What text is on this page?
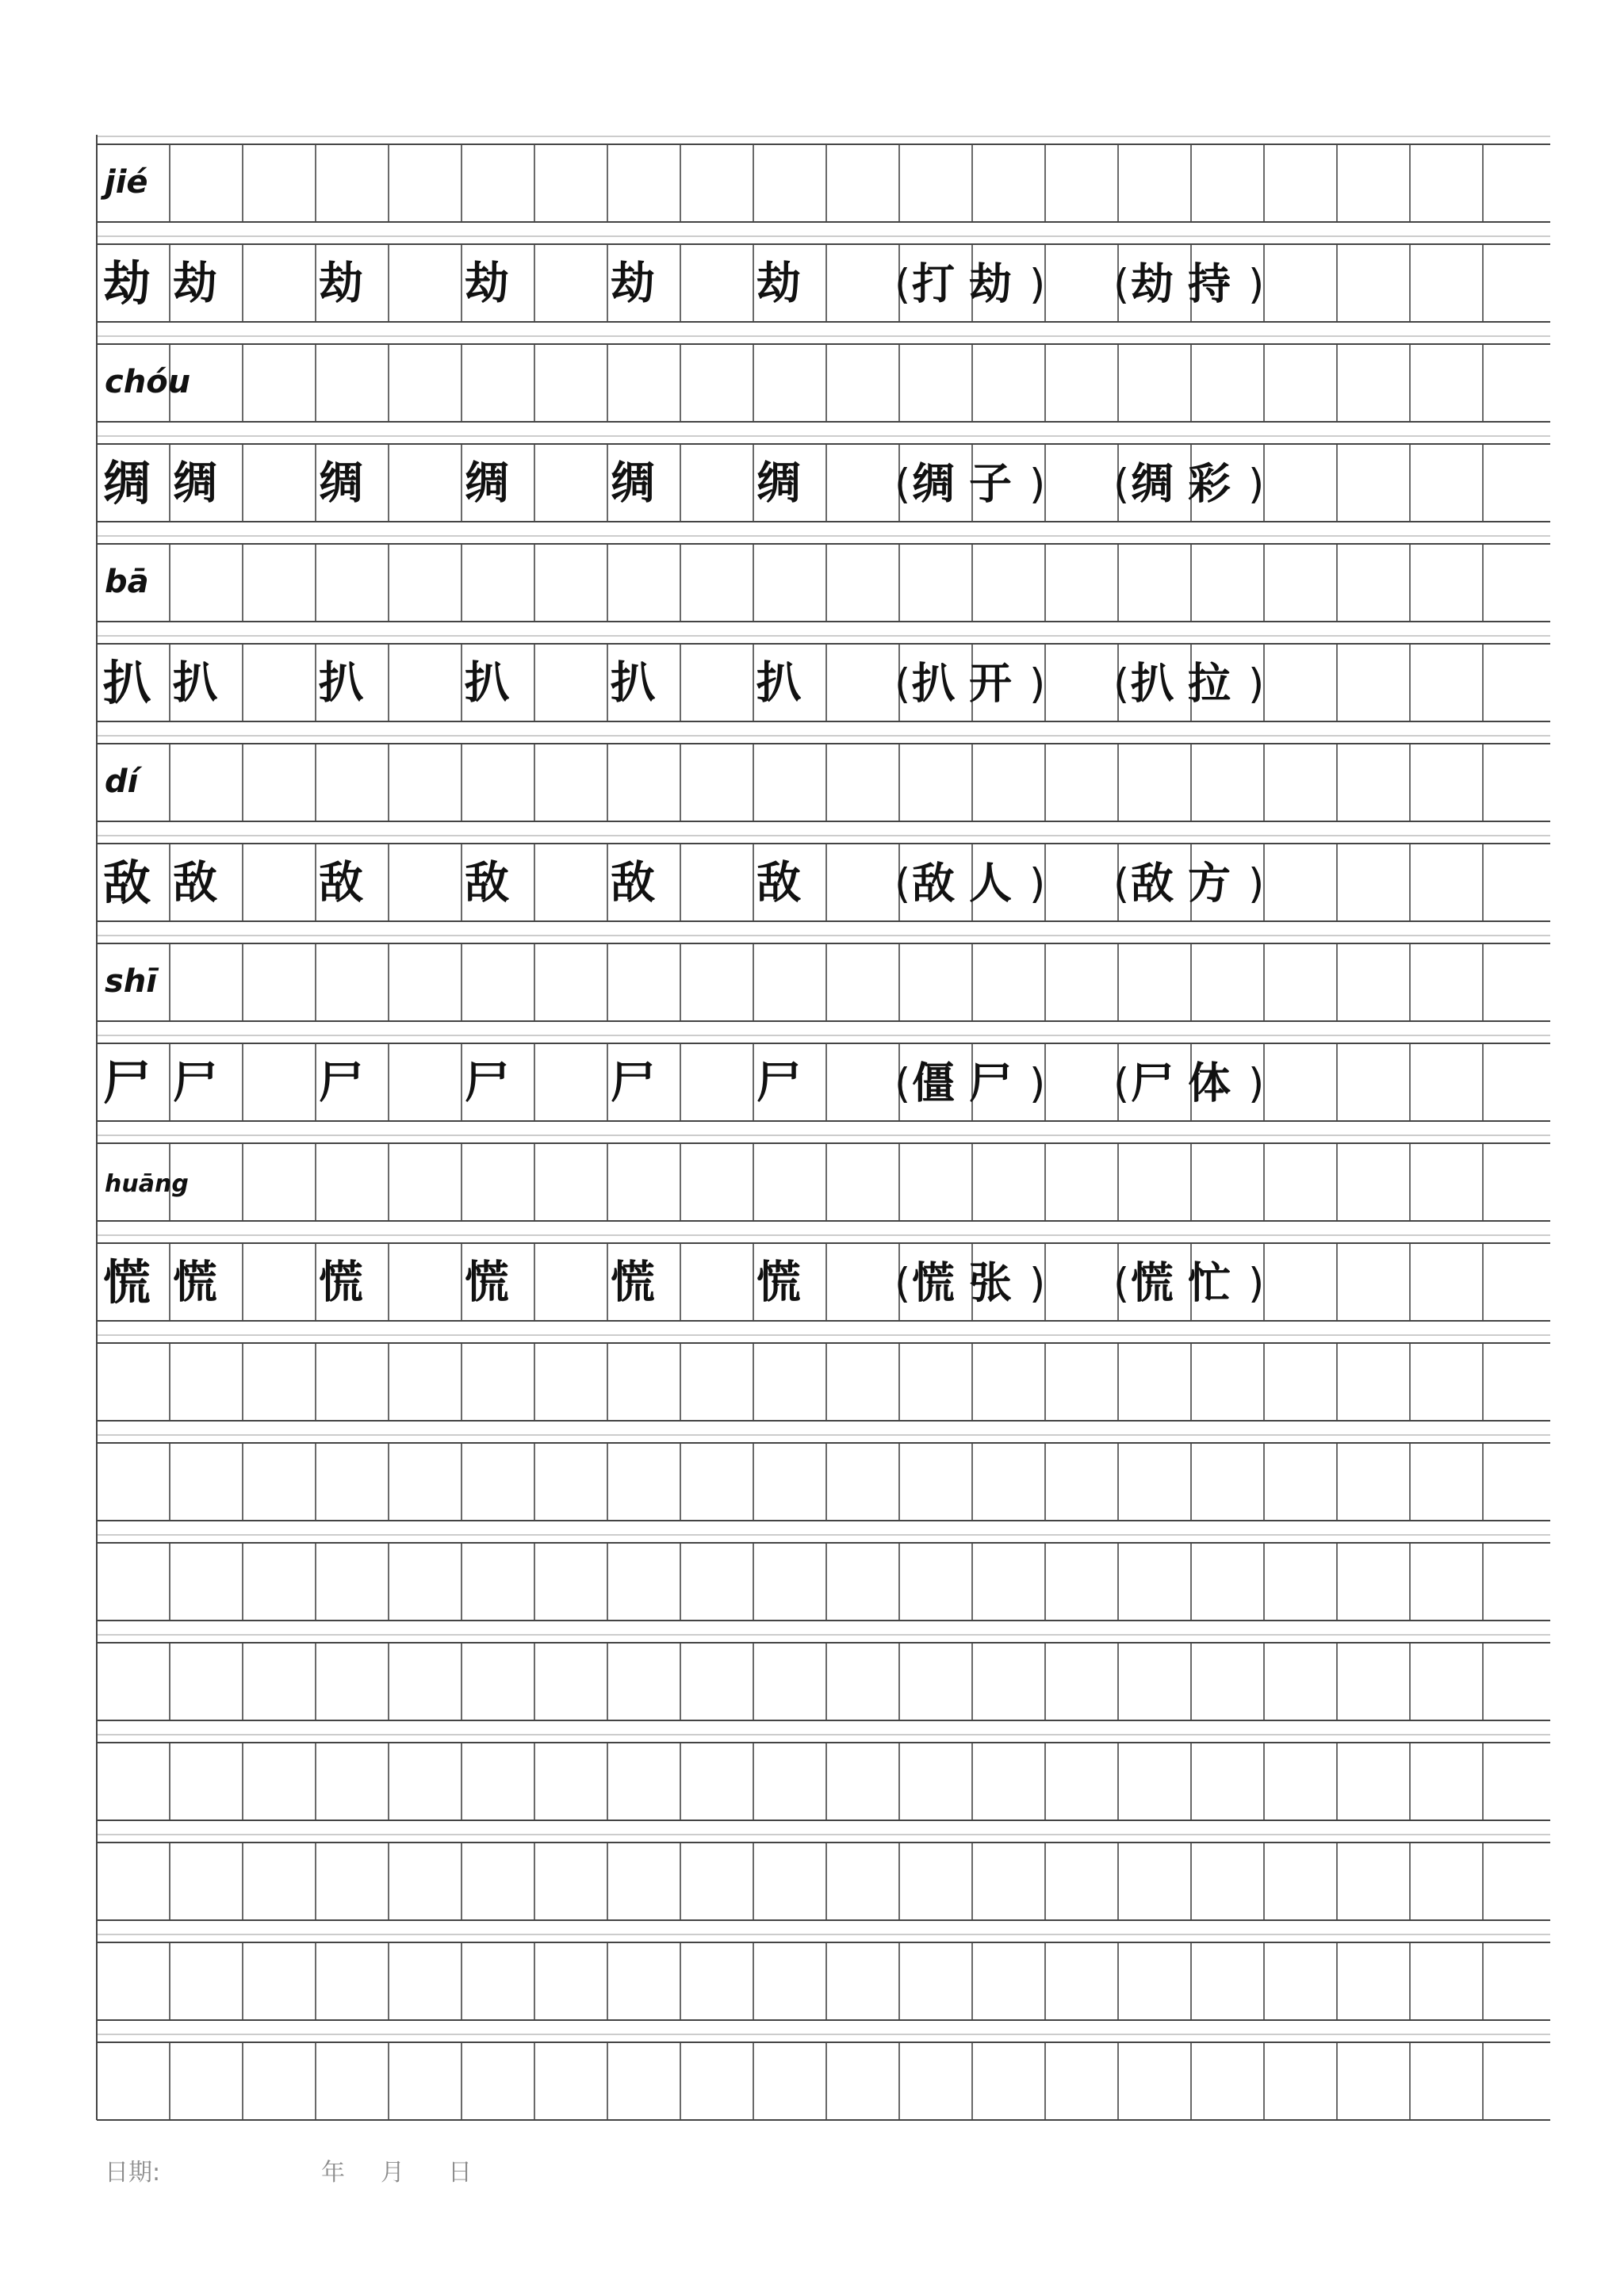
jié
劫 劫 劫 劫 劫 劫 ( 打劫 ) ( 劫持 )
chóu
绸 绸 绸 绸 绸 绸 ( 绸子 ) ( 绸彩 )
bā
扒 扒 扒 扒 扒 扒 ( 扒开 ) ( 扒拉 )
dí
敌 敌 敌 敌 敌 敌 ( 敌人 ) ( 敌方 )
shī
尸 尸 尸 尸 尸 尸 ( 僵尸 ) ( 尸体 )
huāng
慌 慌 慌 慌 慌 慌 ( 慌张 ) ( 慌忙 )
日期:	年 月 日
